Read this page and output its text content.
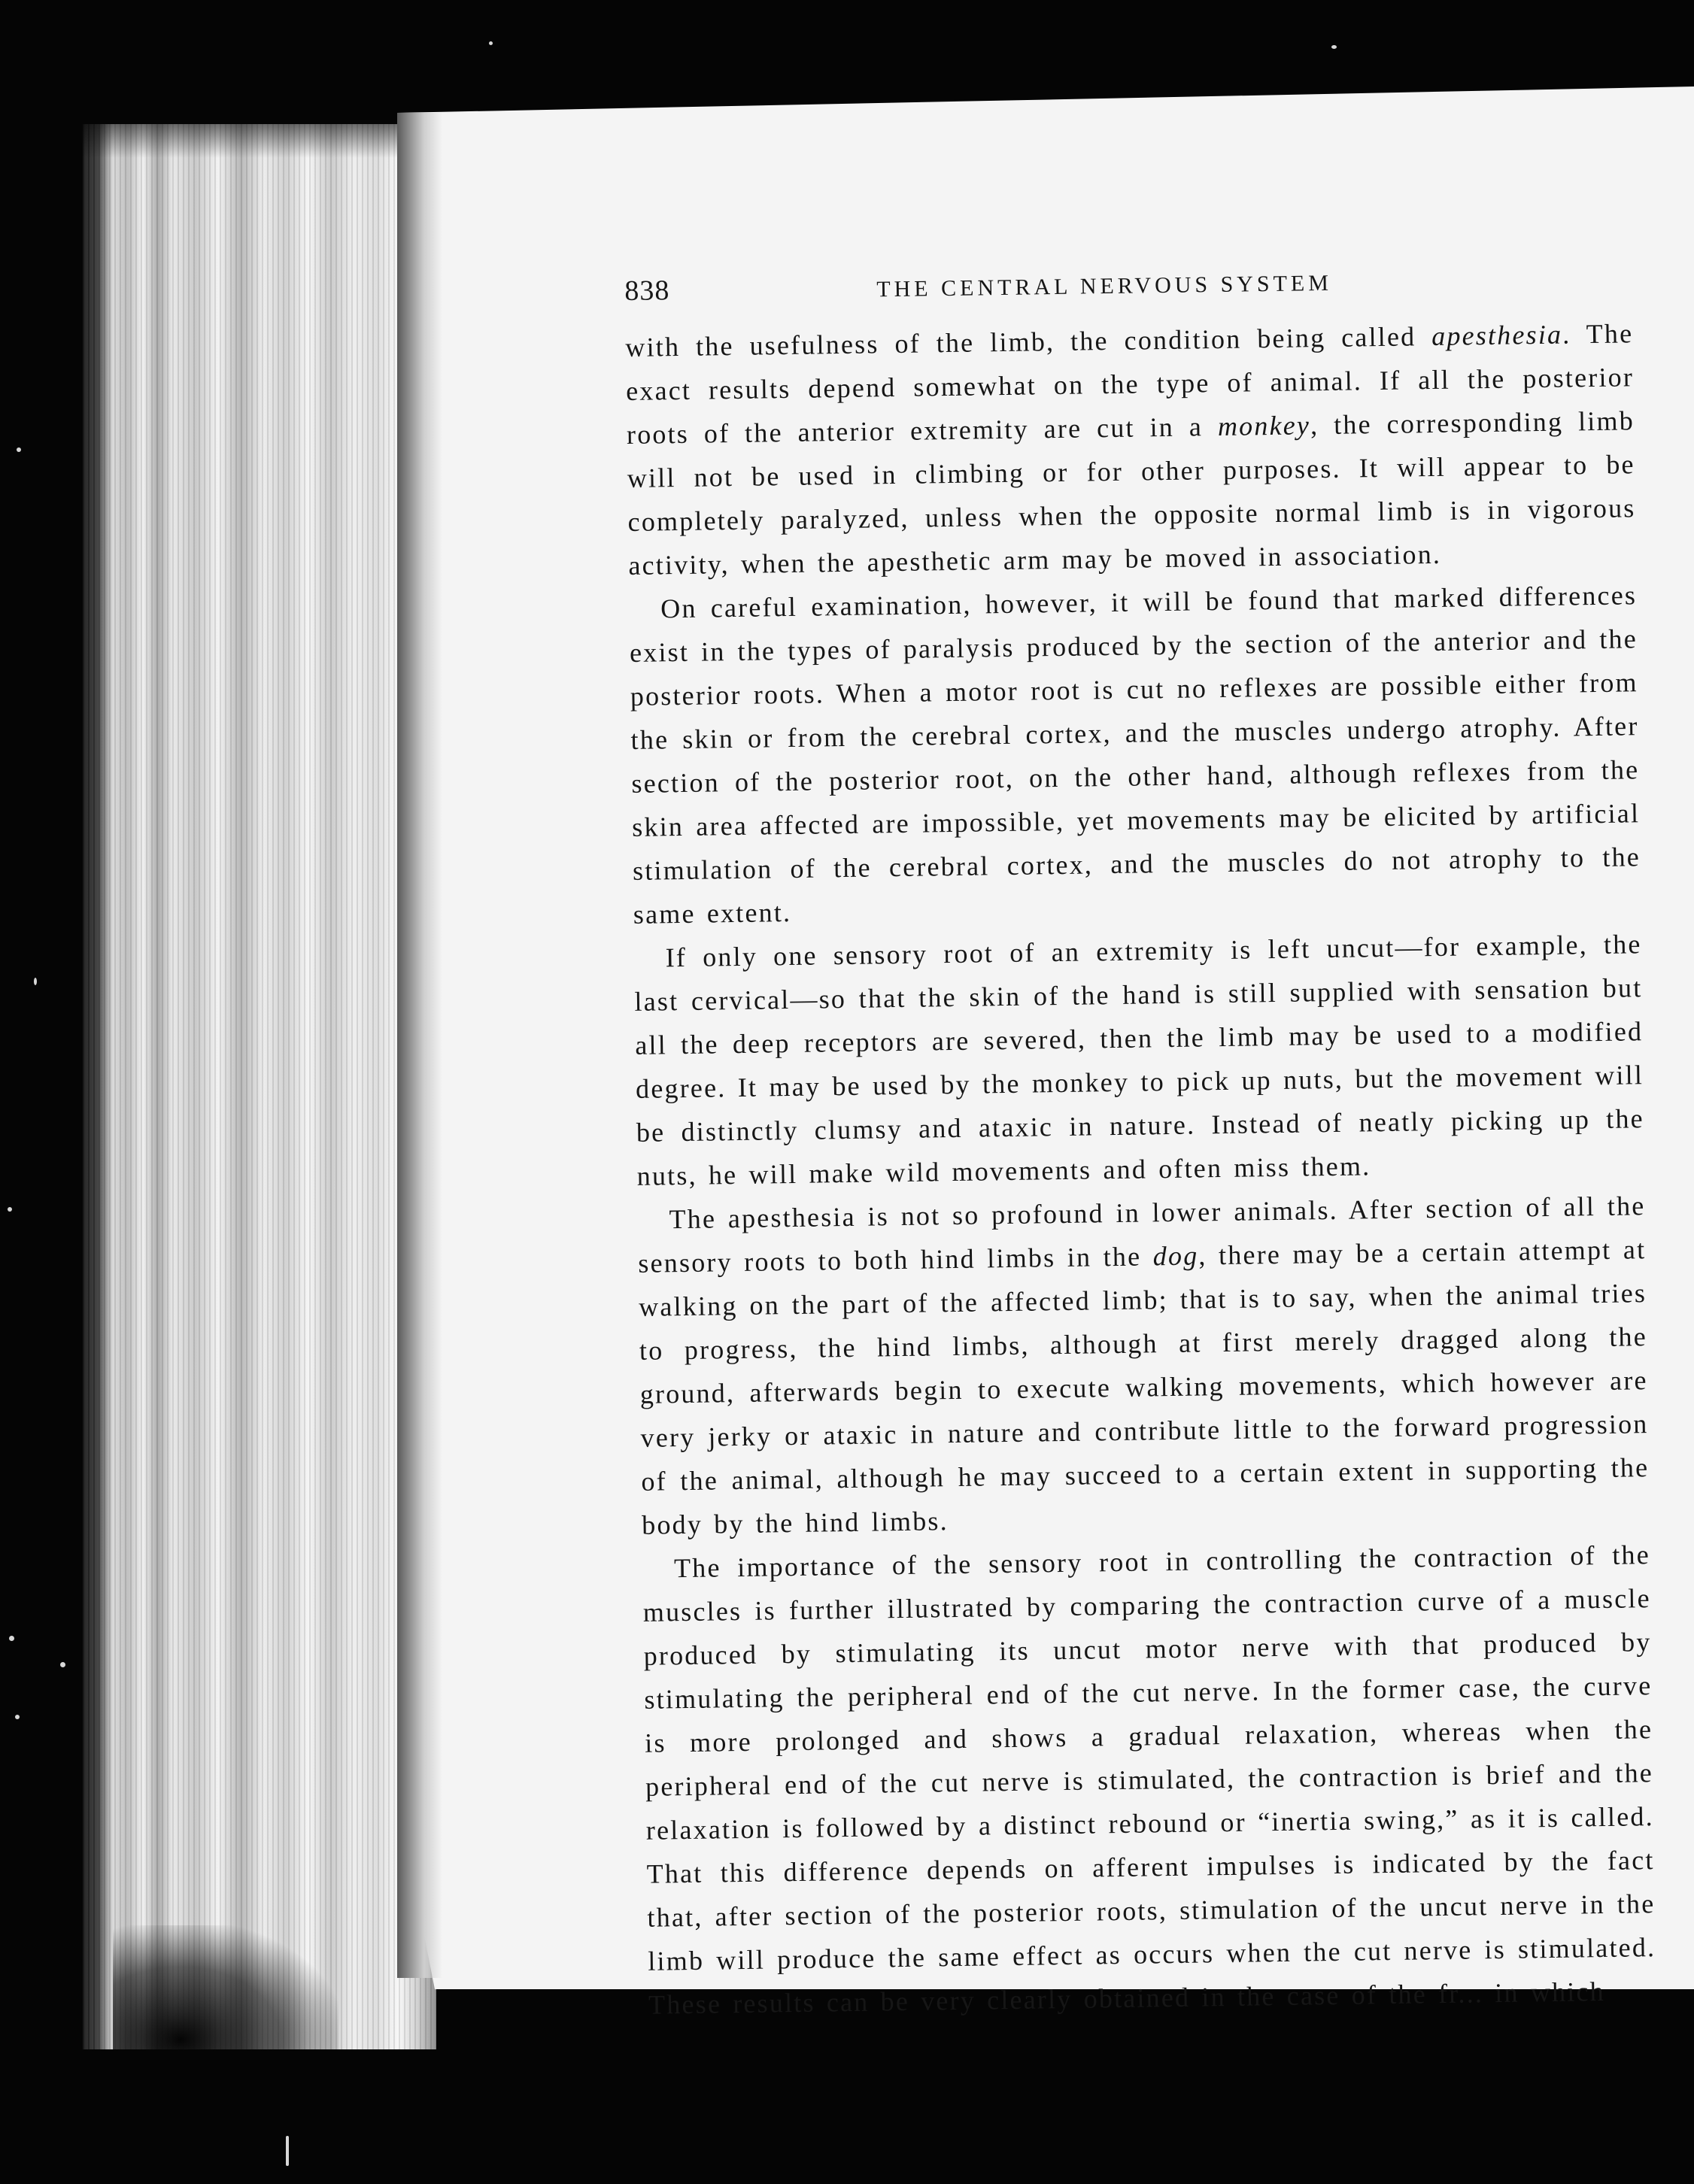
838	THE CENTRAL NERVOUS SYSTEM

with the usefulness of the limb, the condition being called apesthesia. The exact results depend somewhat on the type of animal. If all the posterior roots of the anterior extremity are cut in a monkey, the corresponding limb will not be used in climbing or for other purposes. It will appear to be completely paralyzed, unless when the opposite normal limb is in vigorous activity, when the apesthetic arm may be moved in association.

On careful examination, however, it will be found that marked differences exist in the types of paralysis produced by the section of the anterior and the posterior roots. When a motor root is cut no reflexes are possible either from the skin or from the cerebral cortex, and the muscles undergo atrophy. After section of the posterior root, on the other hand, although reflexes from the skin area affected are impossible, yet movements may be elicited by artificial stimulation of the cerebral cortex, and the muscles do not atrophy to the same extent.

If only one sensory root of an extremity is left uncut—for example, the last cervical—so that the skin of the hand is still supplied with sensation but all the deep receptors are severed, then the limb may be used to a modified degree. It may be used by the monkey to pick up nuts, but the movement will be distinctly clumsy and ataxic in nature. Instead of neatly picking up the nuts, he will make wild movements and often miss them.

The apesthesia is not so profound in lower animals. After section of all the sensory roots to both hind limbs in the dog, there may be a certain attempt at walking on the part of the affected limb; that is to say, when the animal tries to progress, the hind limbs, although at first merely dragged along the ground, afterwards begin to execute walking movements, which however are very jerky or ataxic in nature and contribute little to the forward progression of the animal, although he may succeed to a certain extent in supporting the body by the hind limbs.

The importance of the sensory root in controlling the contraction of the muscles is further illustrated by comparing the contraction curve of a muscle produced by stimulating its uncut motor nerve with that produced by stimulating the peripheral end of the cut nerve. In the former case, the curve is more prolonged and shows a gradual relaxation, whereas when the peripheral end of the cut nerve is stimulated, the contraction is brief and the relaxation is followed by a distinct rebound or “inertia swing,” as it is called. That this difference depends on afferent impulses is indicated by the fact that, after section of the posterior roots, stimulation of the uncut nerve in the limb will produce the same effect as occurs when the cut nerve is stimulated. These results can be very clearly obtained in the case of the fr... in which
